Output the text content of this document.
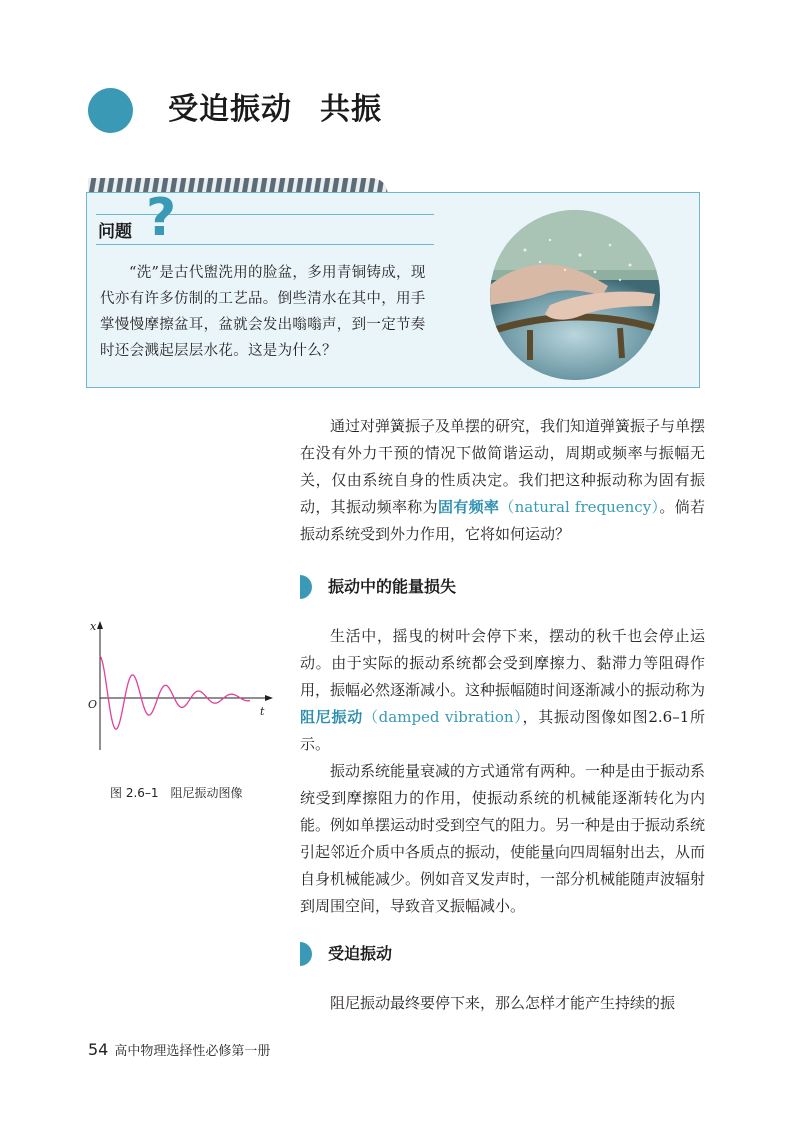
受迫振动 共振
问题 ?

“洗”是古代盥洗用的脸盆，多用青铜铸成，现代亦有许多仿制的工艺品。倒些清水在其中，用手掌慢慢摩擦盆耳，盆就会发出嗡嗡声，到一定节奏时还会溅起层层水花。这是为什么？

通过对弹簧振子及单摆的研究，我们知道弹簧振子与单摆在没有外力干预的情况下做简谐运动，周期或频率与振幅无关，仅由系统自身的性质决定。我们把这种振动称为固有振动，其振动频率称为固有频率（natural frequency）。倘若振动系统受到外力作用，它将如何运动？

振动中的能量损失

生活中，摇曳的树叶会停下来，摆动的秋千也会停止运动。由于实际的振动系统都会受到摩擦力、黏滞力等阻碍作用，振幅必然逐渐减小。这种振幅随时间逐渐减小的振动称为阻尼振动（damped vibration），其振动图像如图2.6–1所示。

振动系统能量衰减的方式通常有两种。一种是由于振动系统受到摩擦阻力的作用，使振动系统的机械能逐渐转化为内能。例如单摆运动时受到空气的阻力。另一种是由于振动系统引起邻近介质中各质点的振动，使能量向四周辐射出去，从而自身机械能减少。例如音叉发声时，一部分机械能随声波辐射到周围空间，导致音叉振幅减小。

x
O
t
图 2.6–1 阻尼振动图像
受迫振动

阻尼振动最终要停下来，那么怎样才能产生持续的振

54 高中物理选择性必修第一册
